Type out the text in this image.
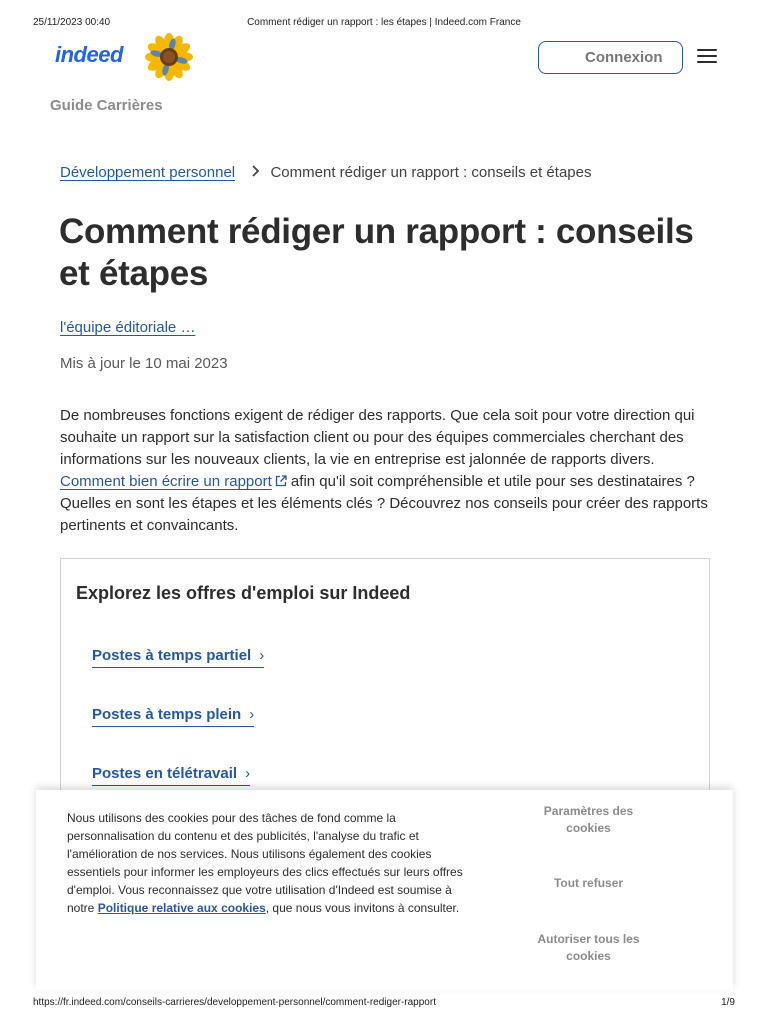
25/11/2023 00:40	Comment rédiger un rapport : les étapes | Indeed.com France
indeed	Connexion
Guide Carrières
Développement personnel Comment rédiger un rapport : conseils et étapes
Comment rédiger un rapport : conseils et étapes
l'équipe éditoriale …
Mis à jour le 10 mai 2023

De nombreuses fonctions exigent de rédiger des rapports. Que cela soit pour votre direction qui souhaite un rapport sur la satisfaction client ou pour des équipes commerciales cherchant des informations sur les nouveaux clients, la vie en entreprise est jalonnée de rapports divers. Comment bien écrire un rapport afin qu'il soit compréhensible et utile pour ses destinataires ? Quelles en sont les étapes et les éléments clés ? Découvrez nos conseils pour créer des rapports pertinents et convaincants.

Explorez les offres d'emploi sur Indeed
Postes à temps partiel ›
Postes à temps plein ›
Postes en télétravail ›

Nous utilisons des cookies pour des tâches de fond comme la personnalisation du contenu et des publicités, l'analyse du trafic et l'amélioration de nos services. Nous utilisons également des cookies essentiels pour informer les employeurs des clics effectués sur leurs offres d'emploi. Vous reconnaissez que votre utilisation d'Indeed est soumise à notre Politique relative aux cookies, que nous vous invitons à consulter.

Paramètres des cookies
Tout refuser
Autoriser tous les cookies
https://fr.indeed.com/conseils-carrieres/developpement-personnel/comment-rediger-rapport	1/9
